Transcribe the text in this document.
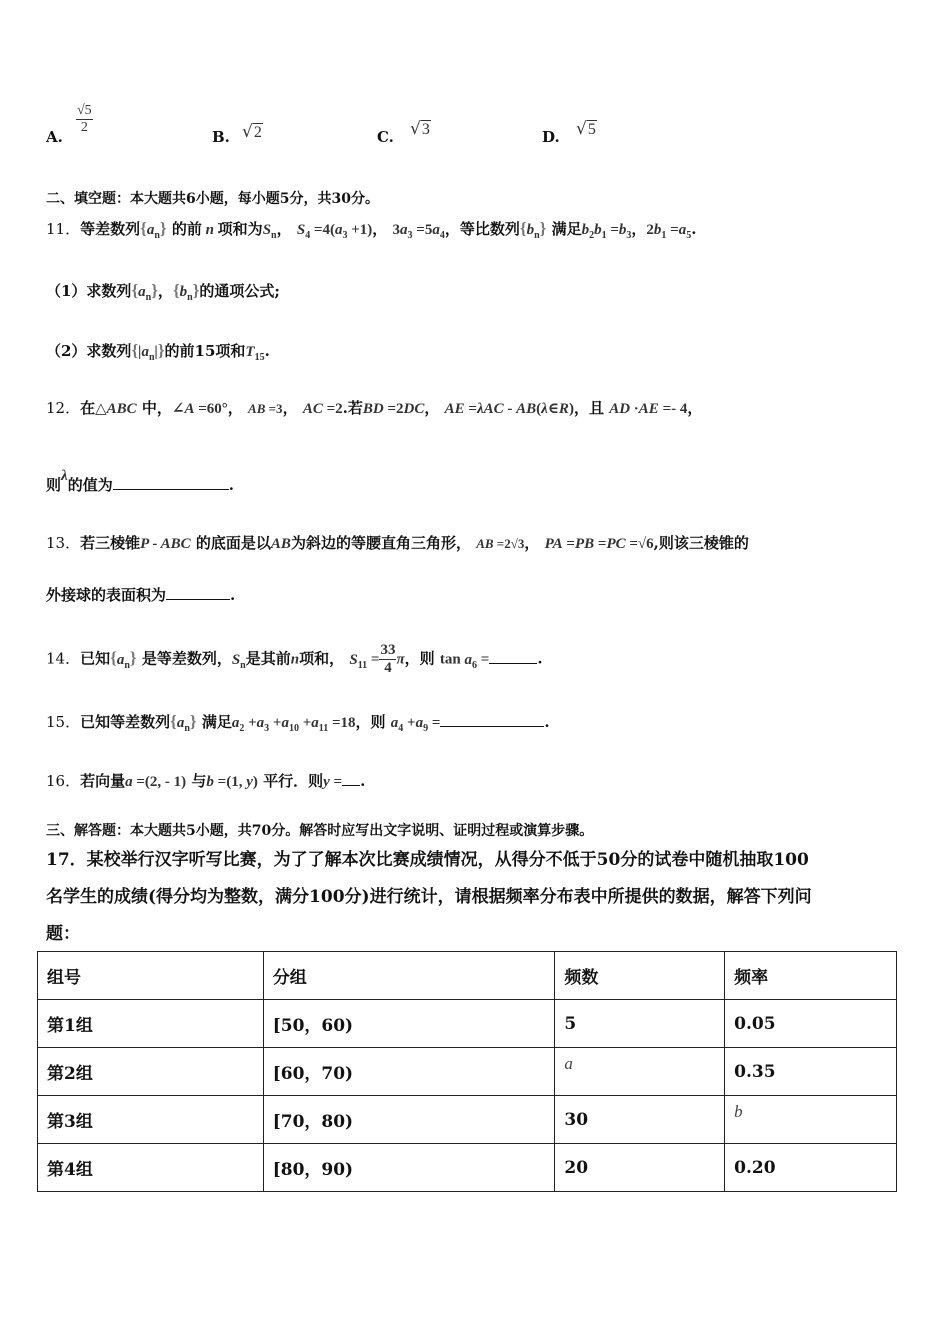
A.
$\frac{√5}{2}$
B. √2	C. √3	D. √5
二、填空题：本大题共6小题，每小题5分，共30分。
11．等差数列$\{a_n\}$ 的前 n 项和为$S_n$， $S_4 =4(a_3 +1)$， $3a_3 =5a_4$，等比数列$\{b_n\}$ 满足$b_2b_1 =b_3$，$2b_1 =a_5$.
（1）求数列$\{a_n\}$，$\{b_n\}$的通项公式;
（2）求数列$\{|a_n|\}$的前15项和$T_{15}$.
12．在△ABC 中，∠A =60°， AB =3， AC =2.若BD =2DC， AE =λAC - AB(λ∈R)，且 AD ·AE =- 4，
则λ的值为	.
13．若三棱锥P - ABC 的底面是以AB为斜边的等腰直角三角形， AB =2√3， PA =PB =PC =√6,则该三棱锥的
外接球的表面积为	.
14．已知$\{a_n\}$ 是等差数列，$S_n$是其前n项和， $S_{11} = \frac{33}{4}$ π，则 $\tan a_6$ =	.
15．已知等差数列$\{a_n\}$ 满足$a_2 +a_3 +a_{10} +a_{11} =18$，则 $a_4 +a_9$ =	.
16．若向量a =(2, - 1) 与b =(1, y) 平行．则y = .
三、解答题：本大题共5小题，共70分。解答时应写出文字说明、证明过程或演算步骤。
17．某校举行汉字听写比赛，为了了解本次比赛成绩情况，从得分不低于50分的试卷中随机抽取100
名学生的成绩(得分均为整数，满分100分)进行统计，请根据频率分布表中所提供的数据，解答下列问
题：
组号	分组	频数	频率
第1组	[50，60)	5	0.05
第2组	[60，70)	a	0.35
第3组	[70，80)	30	b
第4组	[80，90)	20	0.20
